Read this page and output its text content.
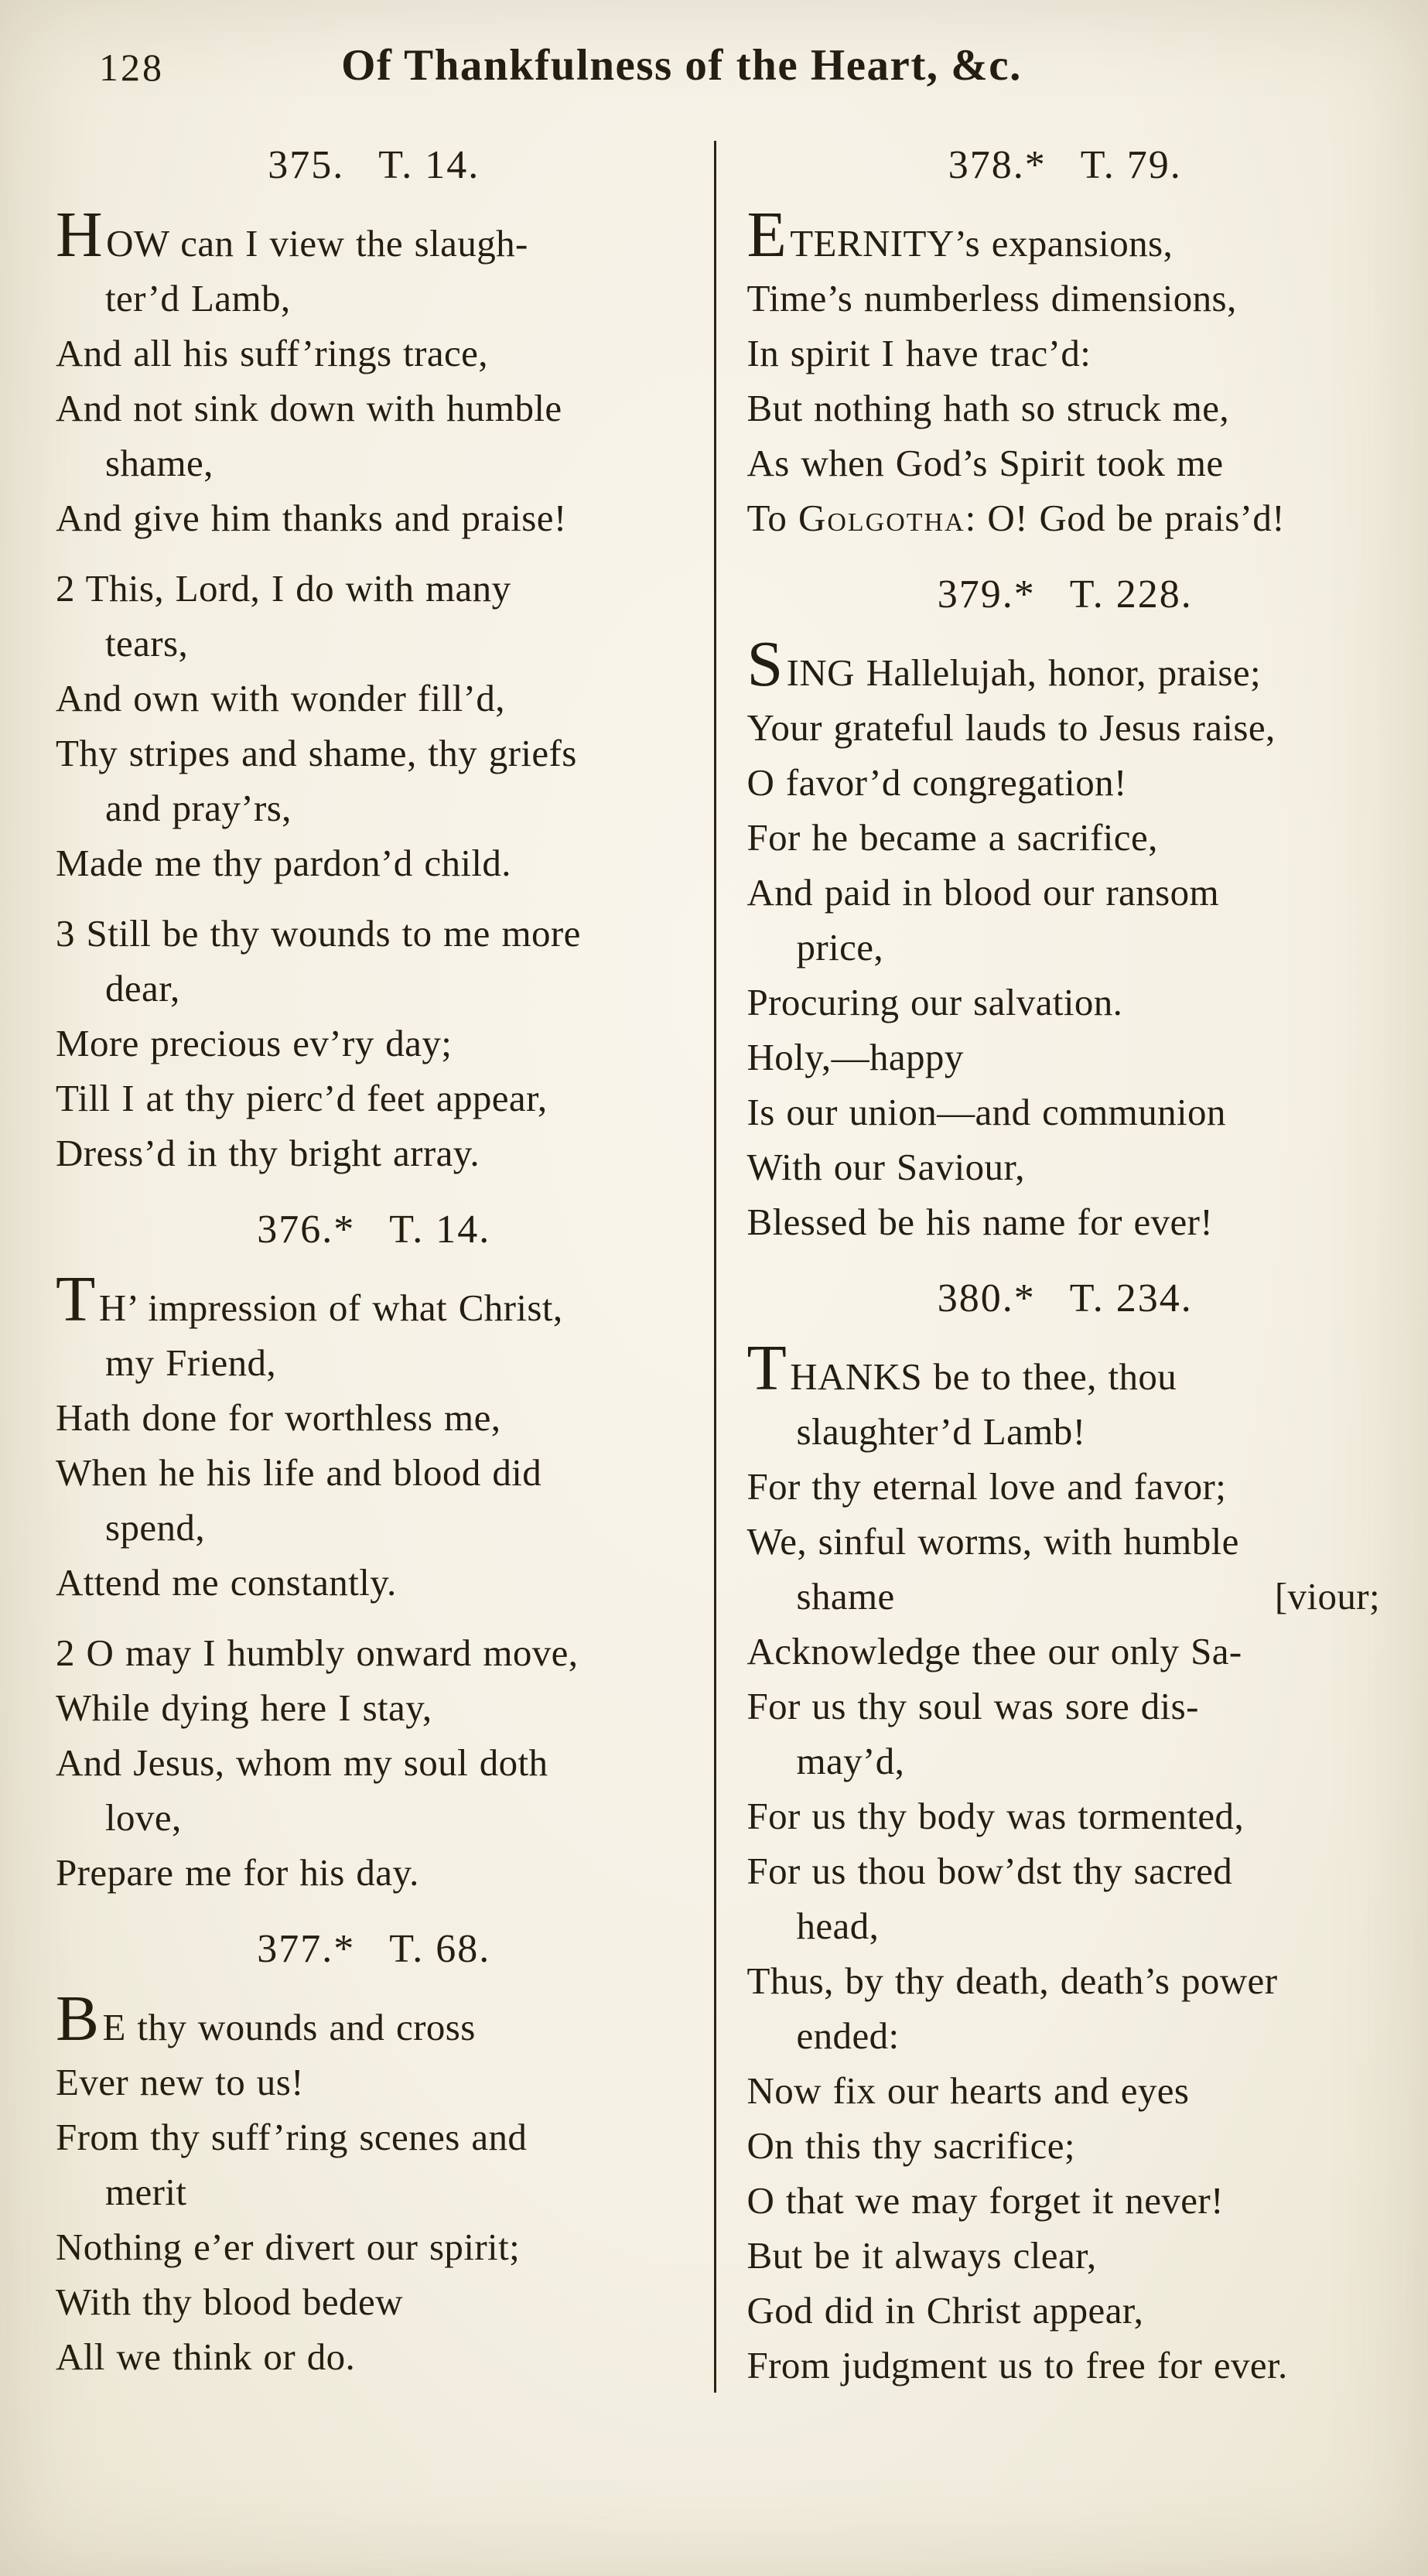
128	Of Thankfulness of the Heart, &c.
375. T. 14.
HOW can I view the slaugh-
ter’d Lamb,
And all his suff’rings trace,
And not sink down with humble
shame,
And give him thanks and praise!
2 This, Lord, I do with many
tears,
And own with wonder fill’d,
Thy stripes and shame, thy griefs
and pray’rs,
Made me thy pardon’d child.
3 Still be thy wounds to me more
dear,
More precious ev’ry day;
Till I at thy pierc’d feet appear,
Dress’d in thy bright array.
376.* T. 14.
TH’ impression of what Christ,
my Friend,
Hath done for worthless me,
When he his life and blood did
spend,
Attend me constantly.
2 O may I humbly onward move,
While dying here I stay,
And Jesus, whom my soul doth
love,
Prepare me for his day.
377.* T. 68.
BE thy wounds and cross
Ever new to us!
From thy suff’ring scenes and
merit
Nothing e’er divert our spirit;
With thy blood bedew
All we think or do.
378.* T. 79.
ETERNITY’s expansions,
Time’s numberless dimensions,
In spirit I have trac’d:
But nothing hath so struck me,
As when God’s Spirit took me
To Golgotha: O! God be prais’d!
379.* T. 228.
SING Hallelujah, honor, praise;
Your grateful lauds to Jesus raise,
O favor’d congregation!
For he became a sacrifice,
And paid in blood our ransom
price,
Procuring our salvation.
Holy,—happy
Is our union—and communion
With our Saviour,
Blessed be his name for ever!
380.* T. 234.
THANKS be to thee, thou
slaughter’d Lamb!
For thy eternal love and favor;
We, sinful worms, with humble
shame	[viour;
Acknowledge thee our only Sa-
For us thy soul was sore dis-
may’d,
For us thy body was tormented,
For us thou bow’dst thy sacred
head,
Thus, by thy death, death’s power
ended:
Now fix our hearts and eyes
On this thy sacrifice;
O that we may forget it never!
But be it always clear,
God did in Christ appear,
From judgment us to free for ever.
